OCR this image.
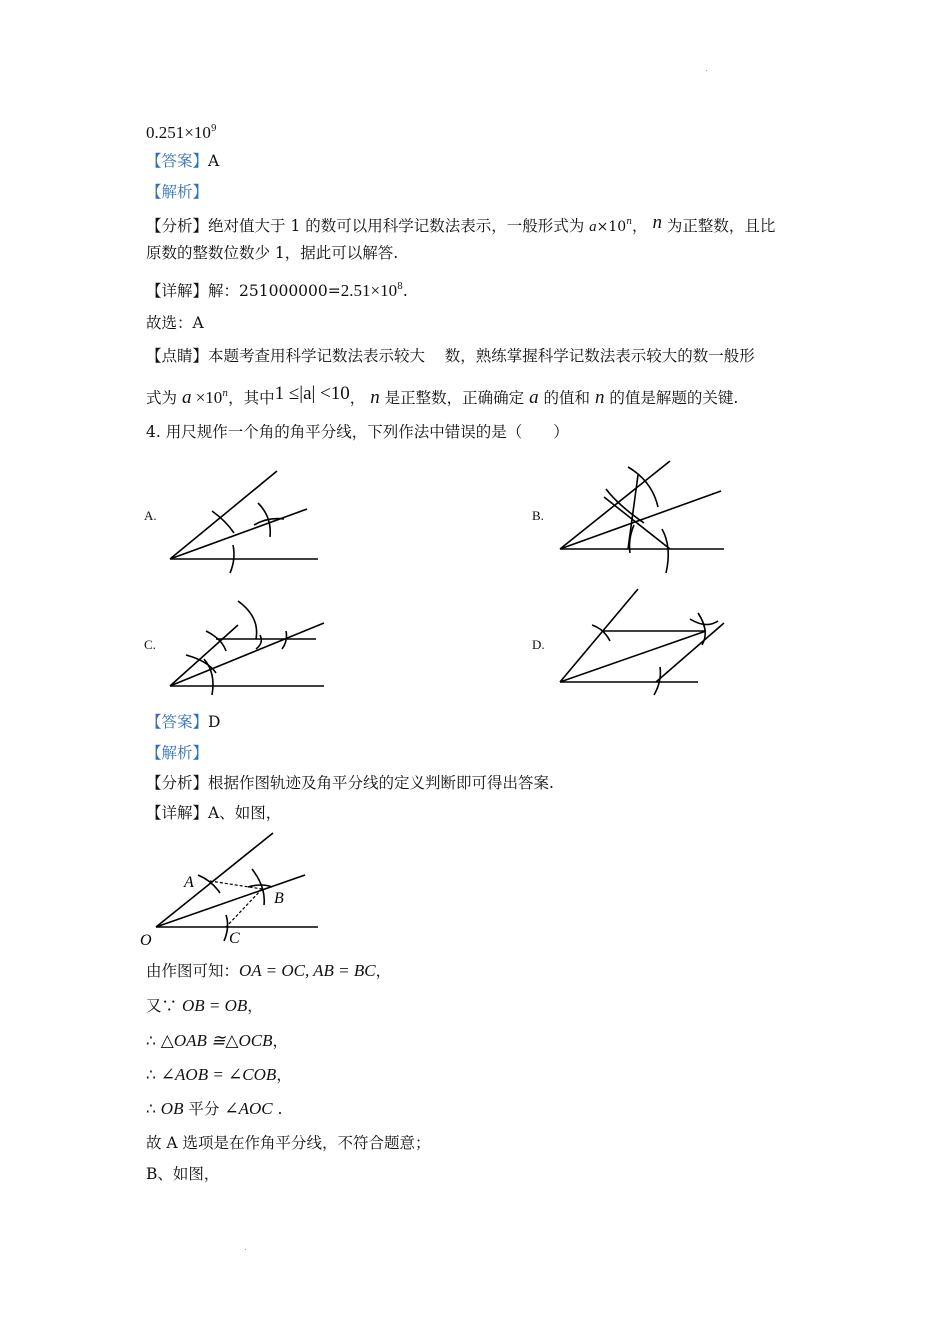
$0.251\times 10^9$
【答案】A
【解析】
【分析】绝对值大于 1 的数可以用科学记数法表示，一般形式为 $a\times 10^n$， n 为正整数，且比
原数的整数位数少 1，据此可以解答.
【详解】解：$251000000=2.51\times 10^8$.
故选：A
【点睛】本题考查用科学记数法表示较大    数，熟练掌握科学记数法表示较大的数一般形
式为 $a \times 10^n$，其中1 ≤|a| <10， n 是正整数，正确确定 a 的值和 n 的值是解题的关键.
4. 用尺规作一个角的角平分线，下列作法中错误的是（　　）
A.	B.
C.	D.
【答案】D
【解析】
【分析】根据作图轨迹及角平分线的定义判断即可得出答案.
【详解】A、如图，
O
A
B
C
由作图可知：OA = OC, AB = BC，
又∵ OB = OB，
∴ △OAB ≅△OCB，
∴ ∠AOB = ∠COB，
∴ OB 平分 ∠AOC .
故 A 选项是在作角平分线，不符合题意；
B、如图，
